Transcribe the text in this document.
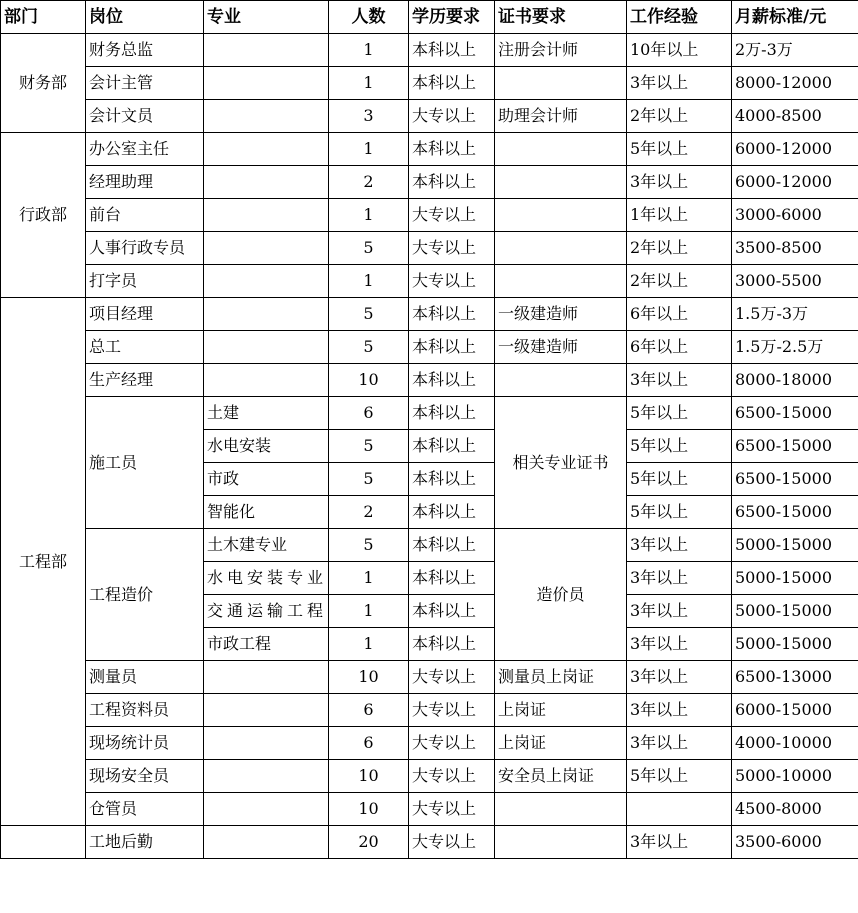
部门	岗位	专业	人数	学历要求	证书要求	工作经验	月薪标准/元
财务部	财务总监		1	本科以上	注册会计师	10年以上	2万-3万
	会计主管		1	本科以上		3年以上	8000-12000
	会计文员		3	大专以上	助理会计师	2年以上	4000-8500
行政部	办公室主任		1	本科以上		5年以上	6000-12000
	经理助理		2	本科以上		3年以上	6000-12000
	前台		1	大专以上		1年以上	3000-6000
	人事行政专员		5	大专以上		2年以上	3500-8500
	打字员		1	大专以上		2年以上	3000-5500
工程部	项目经理		5	本科以上	一级建造师	6年以上	1.5万-3万
	总工		5	本科以上	一级建造师	6年以上	1.5万-2.5万
	生产经理		10	本科以上		3年以上	8000-18000
	施工员	土建	6	本科以上	相关专业证书	5年以上	6500-15000
		水电安装	5	本科以上		5年以上	6500-15000
		市政	5	本科以上		5年以上	6500-15000
		智能化	2	本科以上		5年以上	6500-15000
	工程造价	土木建专业	5	本科以上	造价员	3年以上	5000-15000
		水电安装专业	1	本科以上		3年以上	5000-15000
		交通运输工程	1	本科以上		3年以上	5000-15000
		市政工程	1	本科以上		3年以上	5000-15000
	测量员		10	大专以上	测量员上岗证	3年以上	6500-13000
	工程资料员		6	大专以上	上岗证	3年以上	6000-15000
	现场统计员		6	大专以上	上岗证	3年以上	4000-10000
	现场安全员		10	大专以上	安全员上岗证	5年以上	5000-10000
	仓管员		10	大专以上			4500-8000
	工地后勤		20	大专以上		3年以上	3500-6000
